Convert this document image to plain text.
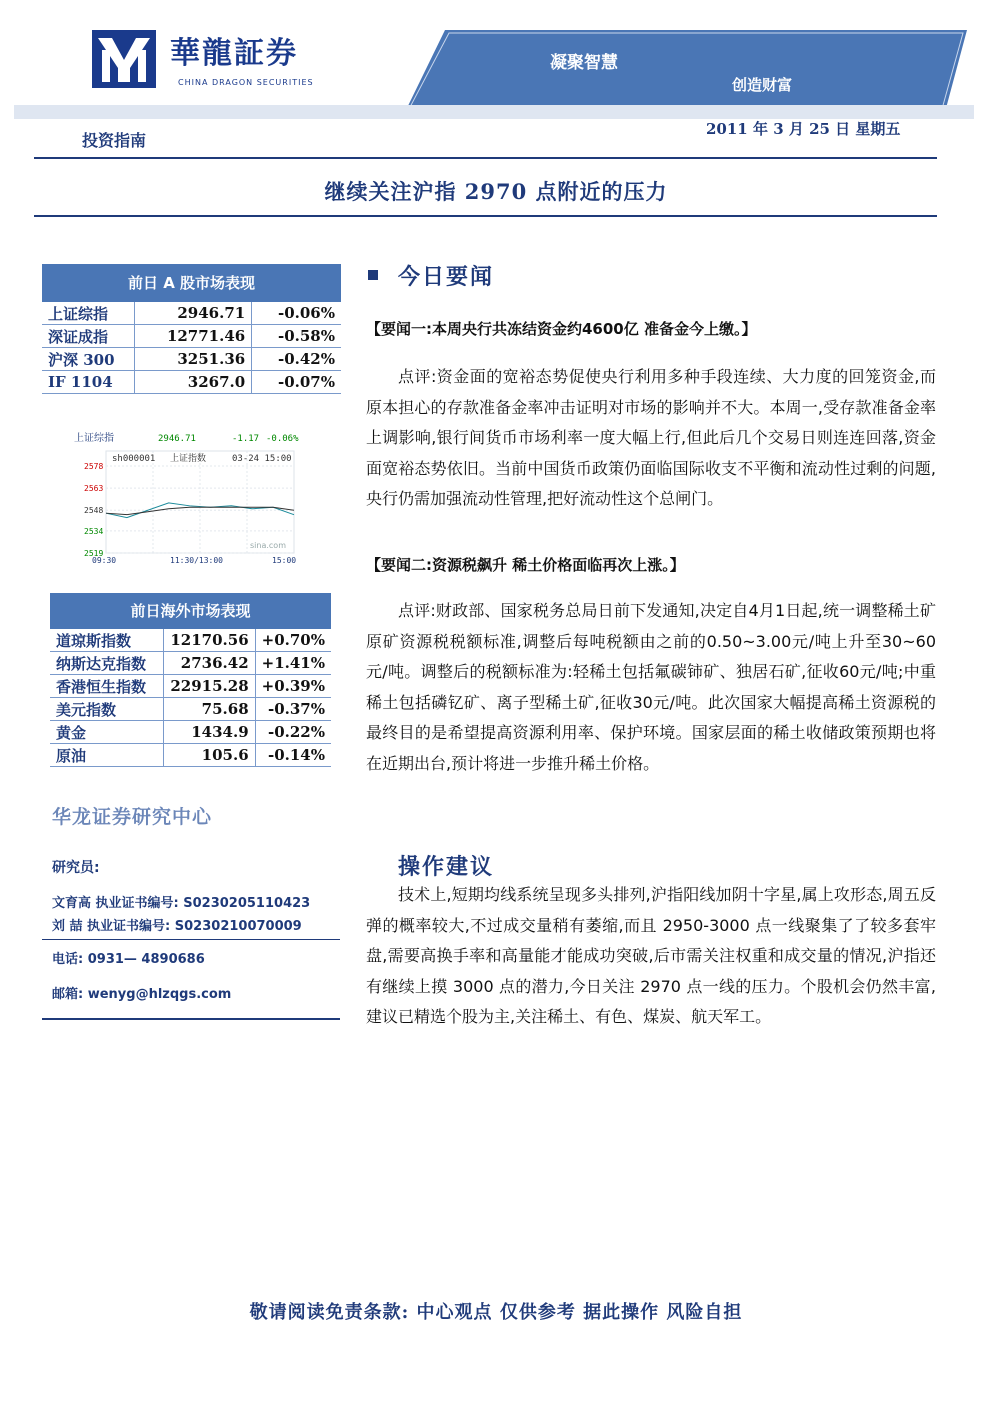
華龍証券
CHINA DRAGON SECURITIES
凝聚智慧
创造财富
投资指南
2011 年 3 月 25 日 星期五
继续关注沪指 2970 点附近的压力
前日 A 股市场表现
上证综指	2946.71	-0.06%
深证成指	12771.46	-0.58%
沪深 300	3251.36	-0.42%
IF 1104	3267.0	-0.07%
上证综指	2946.71	-1.17 -0.06%
sh000001 上证指数	03-24 15:00
2578
2563
2548
2534
2519
09:30	11:30/13:00	15:00
sina.com
前日海外市场表现
道琼斯指数	12170.56	+0.70%
纳斯达克指数	2736.42	+1.41%
香港恒生指数	22915.28	+0.39%
美元指数	75.68	-0.37%
黄金	1434.9	-0.22%
原油	105.6	-0.14%
华龙证券研究中心
研究员:
文育高 执业证书编号: S0230205110423
刘 喆 执业证书编号: S0230210070009
电话: 0931— 4890686
邮箱: wenyg@hlzqgs.com
今日要闻
【要闻一:本周央行共冻结资金约4600亿 准备金今上缴。】
点评:资金面的宽裕态势促使央行利用多种手段连续、大力度的回笼资金,而原本担心的存款准备金率冲击证明对市场的影响并不大。本周一,受存款准备金率上调影响,银行间货币市场利率一度大幅上行,但此后几个交易日则连连回落,资金面宽裕态势依旧。当前中国货币政策仍面临国际收支不平衡和流动性过剩的问题,央行仍需加强流动性管理,把好流动性这个总闸门。
【要闻二:资源税飙升 稀土价格面临再次上涨。】
点评:财政部、国家税务总局日前下发通知,决定自4月1日起,统一调整稀土矿原矿资源税税额标准,调整后每吨税额由之前的0.50~3.00元/吨上升至30~60元/吨。调整后的税额标准为:轻稀土包括氟碳铈矿、独居石矿,征收60元/吨;中重稀土包括磷钇矿、离子型稀土矿,征收30元/吨。此次国家大幅提高稀土资源税的最终目的是希望提高资源利用率、保护环境。国家层面的稀土收储政策预期也将在近期出台,预计将进一步推升稀土价格。
操作建议
技术上,短期均线系统呈现多头排列,沪指阳线加阴十字星,属上攻形态,周五反弹的概率较大,不过成交量稍有萎缩,而且 2950-3000 点一线聚集了了较多套牢盘,需要高换手率和高量能才能成功突破,后市需关注权重和成交量的情况,沪指还有继续上摸 3000 点的潜力,今日关注 2970 点一线的压力。个股机会仍然丰富,建议已精选个股为主,关注稀土、有色、煤炭、航天军工。
敬请阅读免责条款: 中心观点 仅供参考 据此操作 风险自担
